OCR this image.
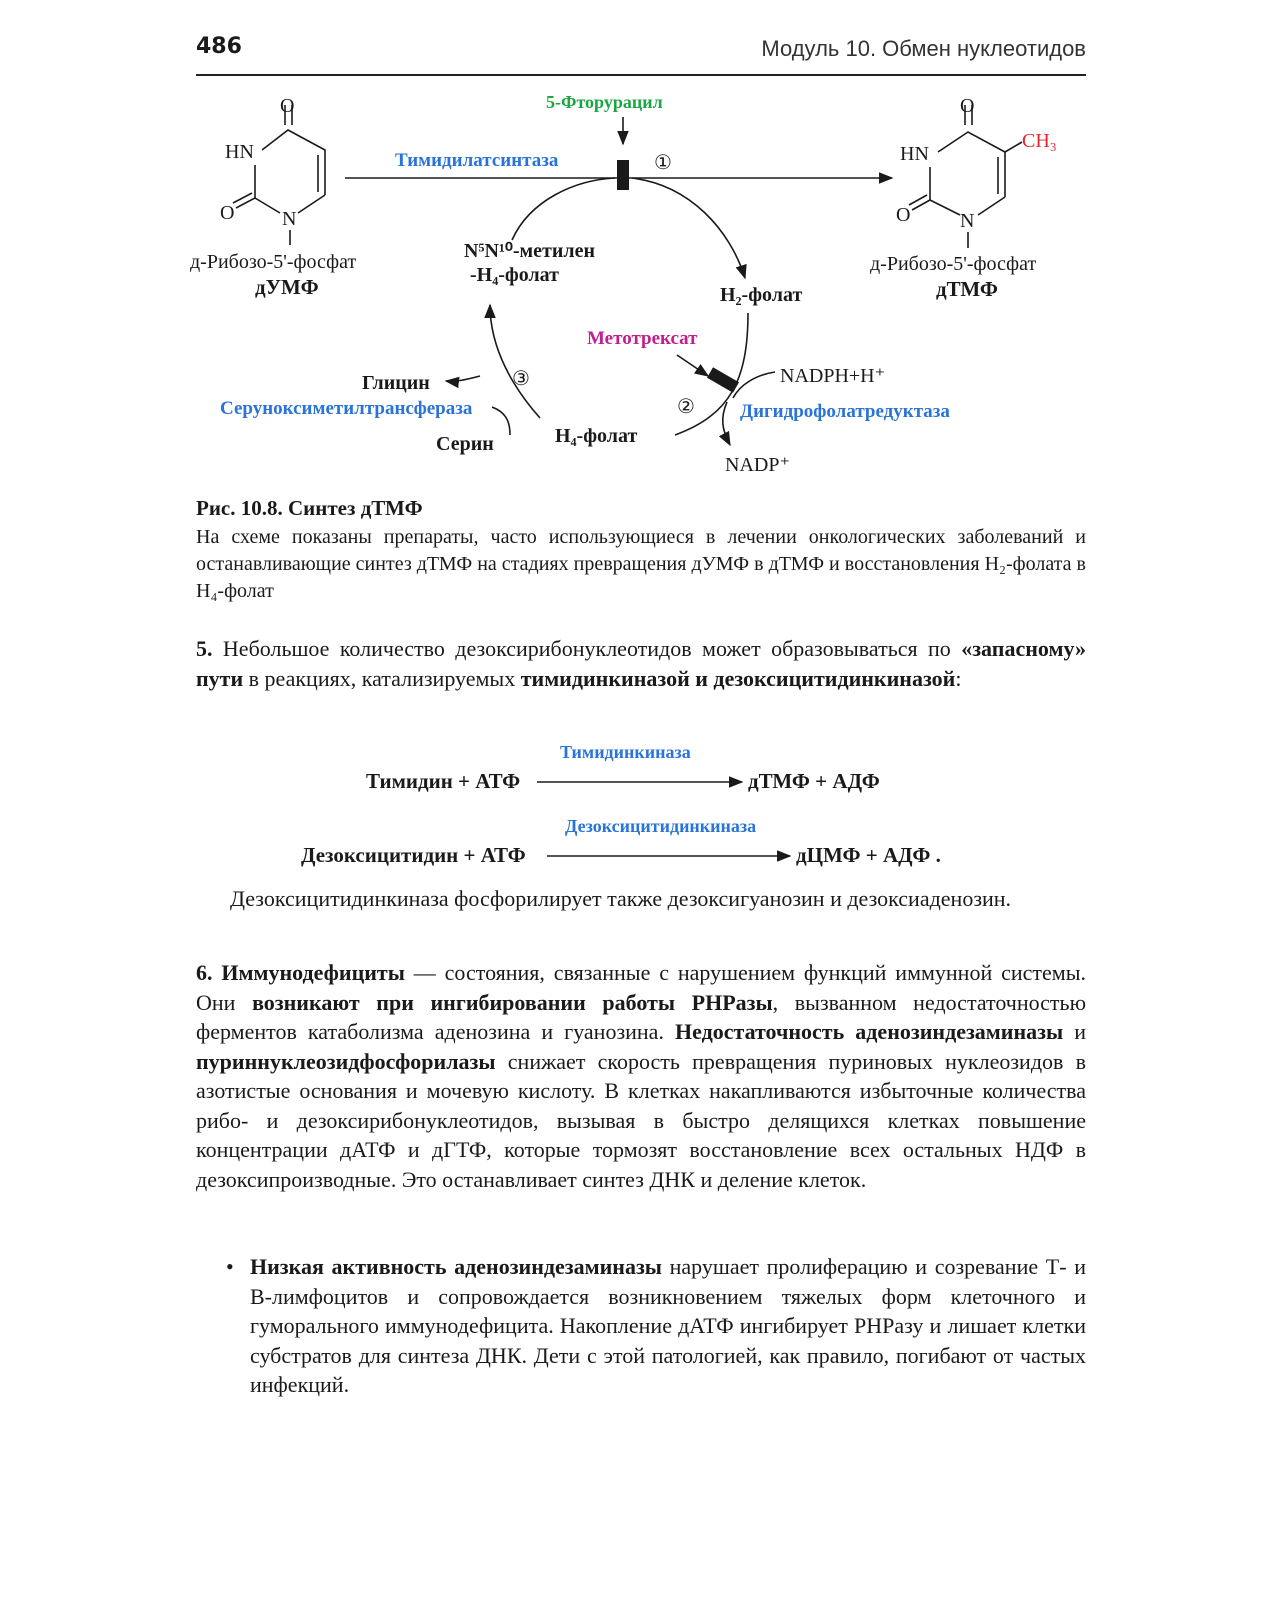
486	Модуль 10. Обмен нуклеотидов
O
HN
O N
д-Рибозо-5'-фосфат
дУМФ
O
HN
CH₃
O N
д-Рибозо-5'-фосфат
дТМФ
Тимидилатсинтаза
5-Фторурацил
①
N⁵N¹⁰-метилен
-H₄-фолат
H₂-фолат
Метотрексат
NADPH+H⁺
NADP⁺
② Дигидрофолатредуктаза
H₄-фолат
Глицин	③
Серуноксиметилтрансфераза
Серин
Рис. 10.8. Синтез дТМФ
На схеме показаны препараты, часто использующиеся в лечении онкологических заболеваний и останавливающие синтез дТМФ на стадиях превращения дУМФ в дТМФ и восстановления H₂-фолата в H₄-фолат
5. Небольшое количество дезоксирибонуклеотидов может образовываться по «запасному» пути в реакциях, катализируемых тимидинкиназой и дезоксицитидинкиназой:
Тимидинкиназа
Тимидин + АТФ	дТМФ + АДФ
Дезоксицитидинкиназа
Дезоксицитидин + АТФ	дЦМФ + АДФ .
Дезоксицитидинкиназа фосфорилирует также дезоксигуанозин и дезоксиаденозин.
6. Иммунодефициты — состояния, связанные с нарушением функций иммунной системы. Они возникают при ингибировании работы РНРазы, вызванном недостаточностью ферментов катаболизма аденозина и гуанозина. Недостаточность аденозиндезаминазы и пуриннуклеозидфосфорилазы снижает скорость превращения пуриновых нуклеозидов в азотистые основания и мочевую кислоту. В клетках накапливаются избыточные количества рибо- и дезоксирибонуклеотидов, вызывая в быстро делящихся клетках повышение концентрации дАТФ и дГТФ, которые тормозят восстановление всех остальных НДФ в дезоксипроизводные. Это останавливает синтез ДНК и деление клеток.
• Низкая активность аденозиндезаминазы нарушает пролиферацию и созревание Т- и В-лимфоцитов и сопровождается возникновением тяжелых форм клеточного и гуморального иммунодефицита. Накопление дАТФ ингибирует РНРазу и лишает клетки субстратов для синтеза ДНК. Дети с этой патологией, как правило, погибают от частых инфекций.
